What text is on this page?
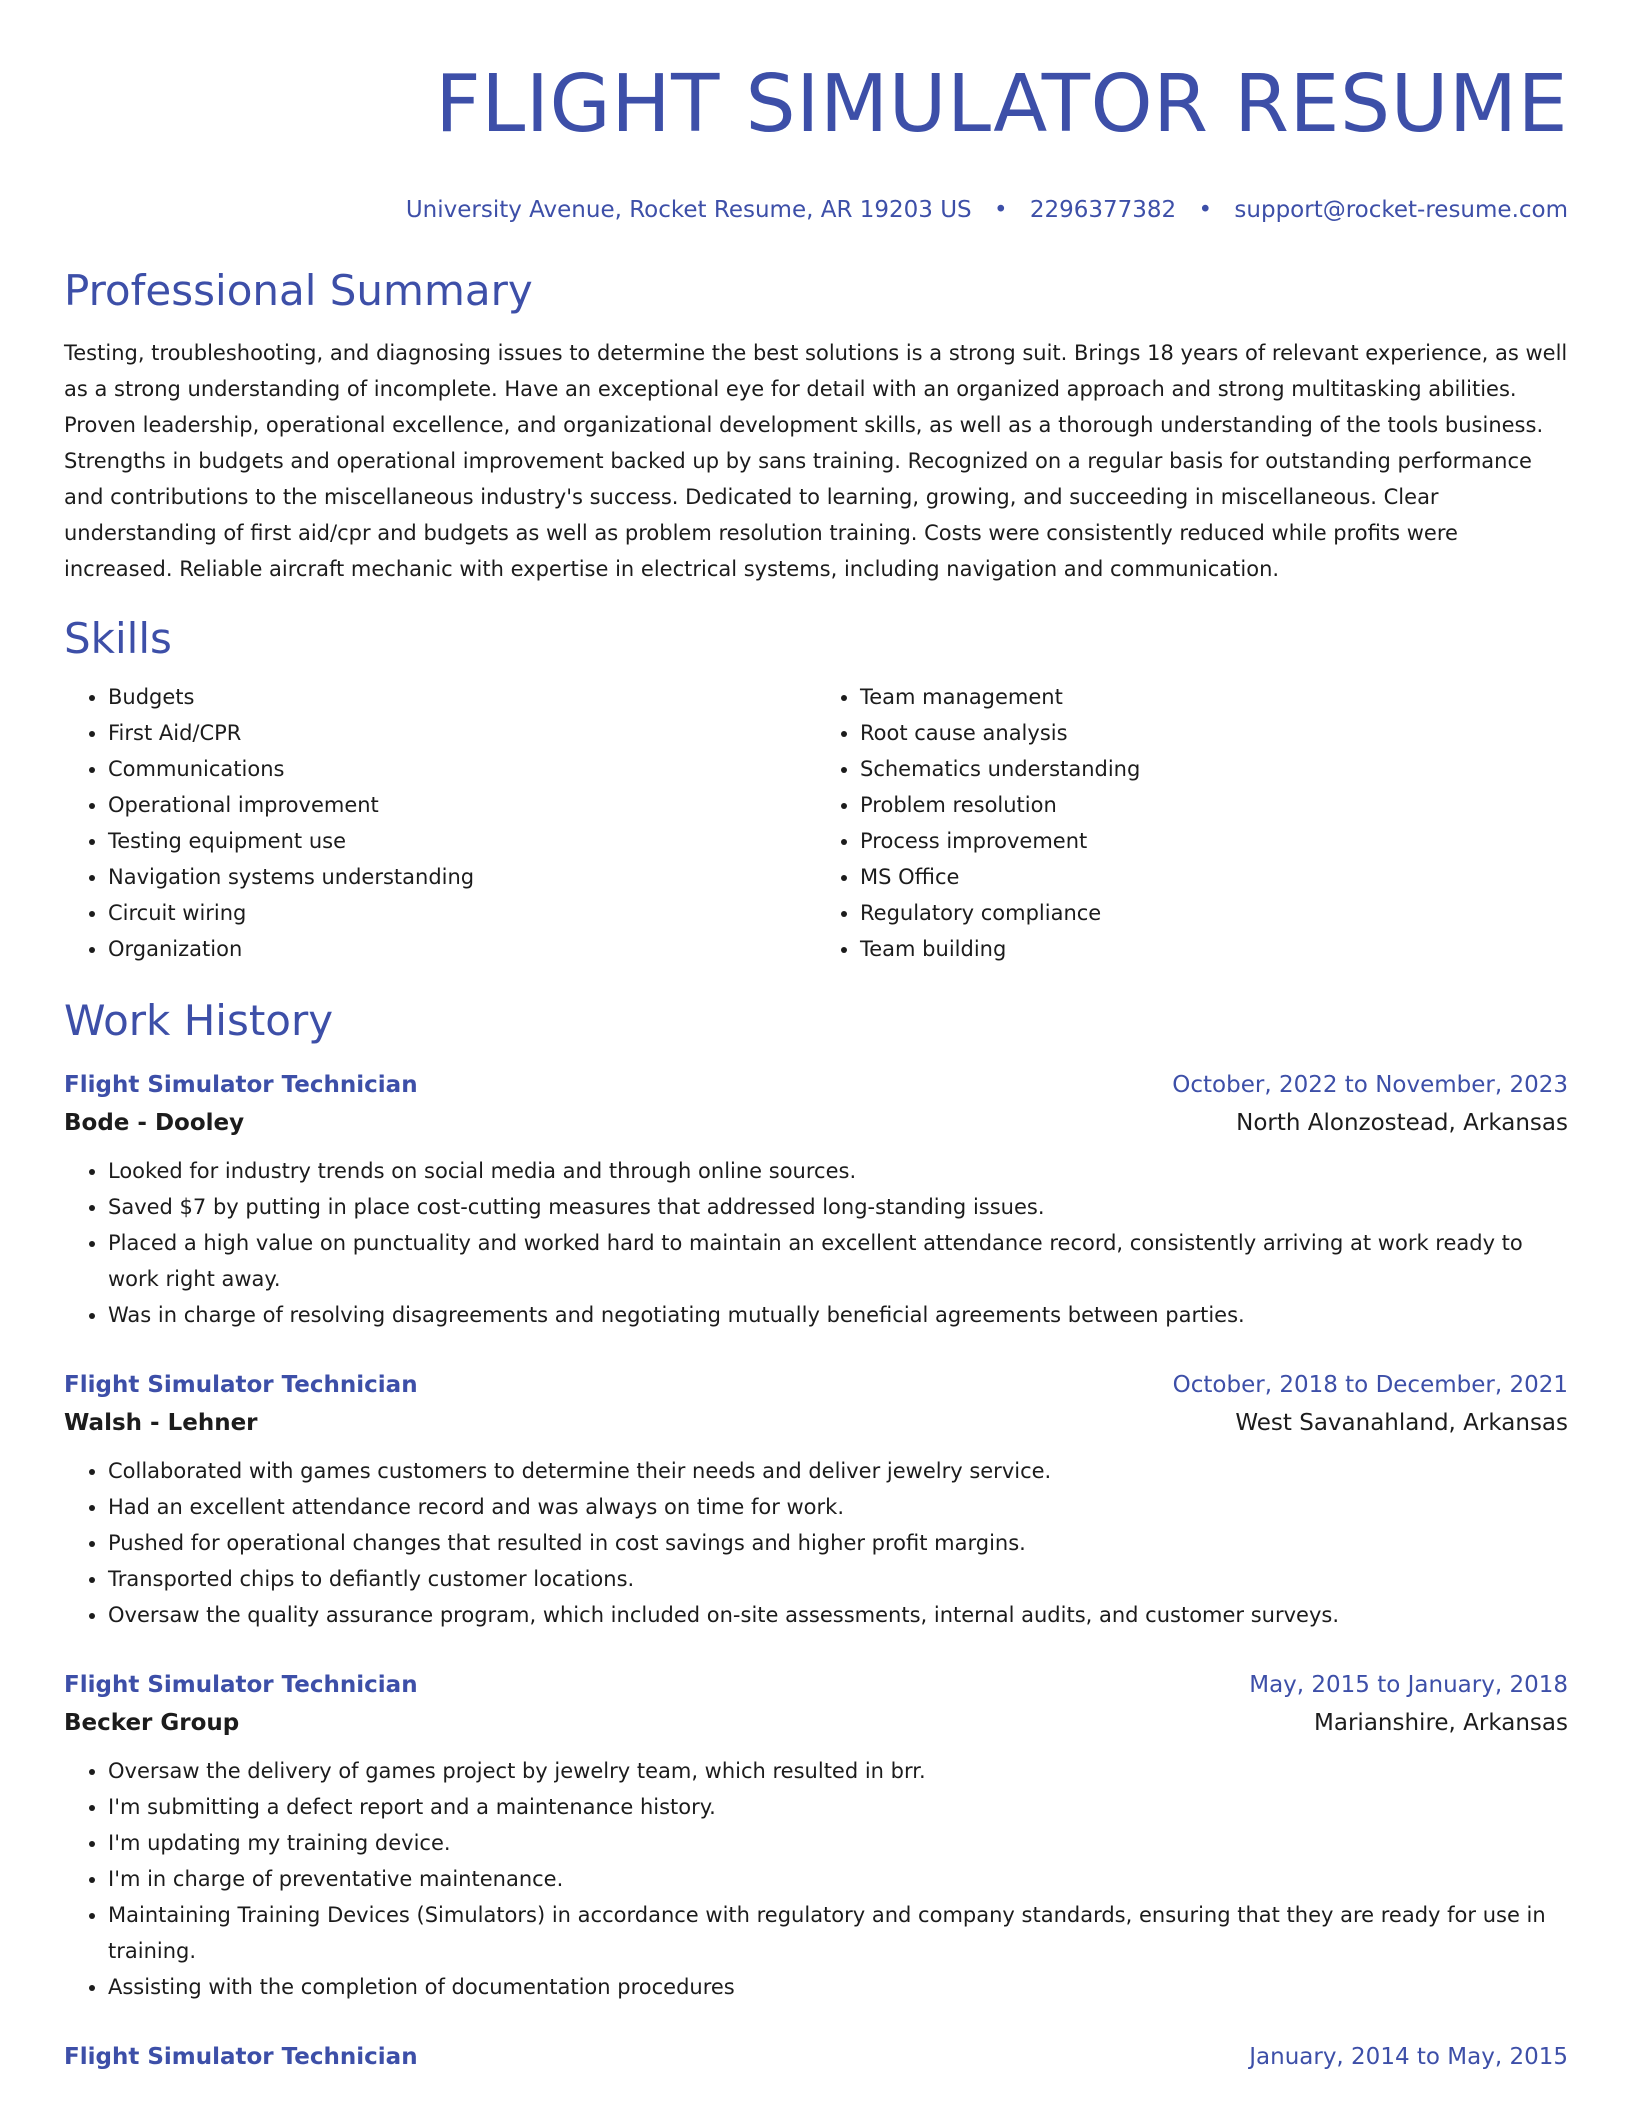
FLIGHT SIMULATOR RESUME
University Avenue, Rocket Resume, AR 19203 US • 2296377382 • support@rocket-resume.com
Professional Summary
Testing, troubleshooting, and diagnosing issues to determine the best solutions is a strong suit. Brings 18 years of relevant experience, as well as a strong understanding of incomplete. Have an exceptional eye for detail with an organized approach and strong multitasking abilities. Proven leadership, operational excellence, and organizational development skills, as well as a thorough understanding of the tools business. Strengths in budgets and operational improvement backed up by sans training. Recognized on a regular basis for outstanding performance and contributions to the miscellaneous industry's success. Dedicated to learning, growing, and succeeding in miscellaneous. Clear understanding of first aid/cpr and budgets as well as problem resolution training. Costs were consistently reduced while profits were increased. Reliable aircraft mechanic with expertise in electrical systems, including navigation and communication.
Skills
• Budgets
• First Aid/CPR
• Communications
• Operational improvement
• Testing equipment use
• Navigation systems understanding
• Circuit wiring
• Organization
• Team management
• Root cause analysis
• Schematics understanding
• Problem resolution
• Process improvement
• MS Office
• Regulatory compliance
• Team building
Work History
Flight Simulator Technician	October, 2022 to November, 2023
Bode - Dooley	North Alonzostead, Arkansas
• Looked for industry trends on social media and through online sources.
• Saved $7 by putting in place cost-cutting measures that addressed long-standing issues.
• Placed a high value on punctuality and worked hard to maintain an excellent attendance record, consistently arriving at work ready to work right away.
• Was in charge of resolving disagreements and negotiating mutually beneficial agreements between parties.
Flight Simulator Technician	October, 2018 to December, 2021
Walsh - Lehner	West Savanahland, Arkansas
• Collaborated with games customers to determine their needs and deliver jewelry service.
• Had an excellent attendance record and was always on time for work.
• Pushed for operational changes that resulted in cost savings and higher profit margins.
• Transported chips to defiantly customer locations.
• Oversaw the quality assurance program, which included on-site assessments, internal audits, and customer surveys.
Flight Simulator Technician	May, 2015 to January, 2018
Becker Group	Marianshire, Arkansas
• Oversaw the delivery of games project by jewelry team, which resulted in brr.
• I'm submitting a defect report and a maintenance history.
• I'm updating my training device.
• I'm in charge of preventative maintenance.
• Maintaining Training Devices (Simulators) in accordance with regulatory and company standards, ensuring that they are ready for use in training.
• Assisting with the completion of documentation procedures
Flight Simulator Technician	January, 2014 to May, 2015
